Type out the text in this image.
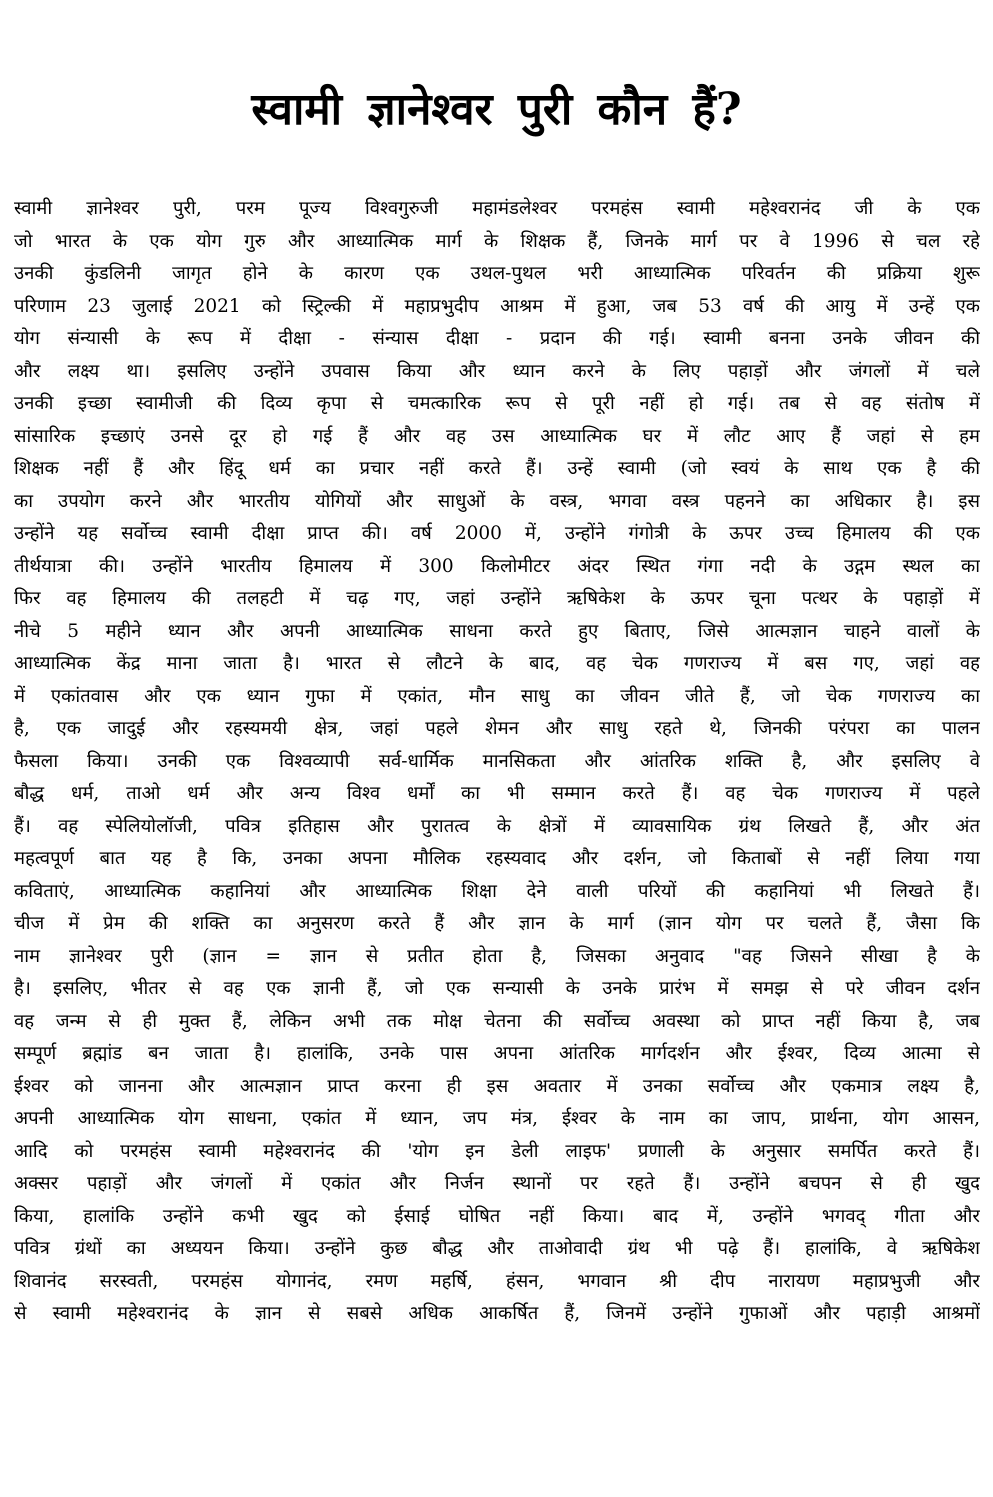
स्वामी ज्ञानेश्वर पुरी कौन हैं?
स्वामी ज्ञानेश्वर पुरी, परम पूज्य विश्वगुरुजी महामंडलेश्वर परमहंस स्वामी महेश्वरानंद जी के एक
जो भारत के एक योग गुरु और आध्यात्मिक मार्ग के शिक्षक हैं, जिनके मार्ग पर वे 1996 से चल रहे
उनकी कुंडलिनी जागृत होने के कारण एक उथल-पुथल भरी आध्यात्मिक परिवर्तन की प्रक्रिया शुरू
परिणाम 23 जुलाई 2021 को स्ट्रिल्की में महाप्रभुदीप आश्रम में हुआ, जब 53 वर्ष की आयु में उन्हें एक
योग संन्यासी के रूप में दीक्षा - संन्यास दीक्षा - प्रदान की गई। स्वामी बनना उनके जीवन की
और लक्ष्य था। इसलिए उन्होंने उपवास किया और ध्यान करने के लिए पहाड़ों और जंगलों में चले
उनकी इच्छा स्वामीजी की दिव्य कृपा से चमत्कारिक रूप से पूरी नहीं हो गई। तब से वह संतोष में
सांसारिक इच्छाएं उनसे दूर हो गई हैं और वह उस आध्यात्मिक घर में लौट आए हैं जहां से हम
शिक्षक नहीं हैं और हिंदू धर्म का प्रचार नहीं करते हैं। उन्हें स्वामी (जो स्वयं के साथ एक है की
का उपयोग करने और भारतीय योगियों और साधुओं के वस्त्र, भगवा वस्त्र पहनने का अधिकार है। इस
उन्होंने यह सर्वोच्च स्वामी दीक्षा प्राप्त की। वर्ष 2000 में, उन्होंने गंगोत्री के ऊपर उच्च हिमालय की एक
तीर्थयात्रा की। उन्होंने भारतीय हिमालय में 300 किलोमीटर अंदर स्थित गंगा नदी के उद्गम स्थल का
फिर वह हिमालय की तलहटी में चढ़ गए, जहां उन्होंने ऋषिकेश के ऊपर चूना पत्थर के पहाड़ों में
नीचे 5 महीने ध्यान और अपनी आध्यात्मिक साधना करते हुए बिताए, जिसे आत्मज्ञान चाहने वालों के
आध्यात्मिक केंद्र माना जाता है। भारत से लौटने के बाद, वह चेक गणराज्य में बस गए, जहां वह
में एकांतवास और एक ध्यान गुफा में एकांत, मौन साधु का जीवन जीते हैं, जो चेक गणराज्य का
है, एक जादुई और रहस्यमयी क्षेत्र, जहां पहले शेमन और साधु रहते थे, जिनकी परंपरा का पालन
फैसला किया। उनकी एक विश्वव्यापी सर्व-धार्मिक मानसिकता और आंतरिक शक्ति है, और इसलिए वे
बौद्ध धर्म, ताओ धर्म और अन्य विश्व धर्मों का भी सम्मान करते हैं। वह चेक गणराज्य में पहले
हैं। वह स्पेलियोलॉजी, पवित्र इतिहास और पुरातत्व के क्षेत्रों में व्यावसायिक ग्रंथ लिखते हैं, और अंत
महत्वपूर्ण बात यह है कि, उनका अपना मौलिक रहस्यवाद और दर्शन, जो किताबों से नहीं लिया गया
कविताएं, आध्यात्मिक कहानियां और आध्यात्मिक शिक्षा देने वाली परियों की कहानियां भी लिखते हैं।
चीज में प्रेम की शक्ति का अनुसरण करते हैं और ज्ञान के मार्ग (ज्ञान योग पर चलते हैं, जैसा कि
नाम ज्ञानेश्वर पुरी (ज्ञान = ज्ञान से प्रतीत होता है, जिसका अनुवाद "वह जिसने सीखा है के
है। इसलिए, भीतर से वह एक ज्ञानी हैं, जो एक सन्यासी के उनके प्रारंभ में समझ से परे जीवन दर्शन
वह जन्म से ही मुक्त हैं, लेकिन अभी तक मोक्ष चेतना की सर्वोच्च अवस्था को प्राप्त नहीं किया है, जब
सम्पूर्ण ब्रह्मांड बन जाता है। हालांकि, उनके पास अपना आंतरिक मार्गदर्शन और ईश्वर, दिव्य आत्मा से
ईश्वर को जानना और आत्मज्ञान प्राप्त करना ही इस अवतार में उनका सर्वोच्च और एकमात्र लक्ष्य है,
अपनी आध्यात्मिक योग साधना, एकांत में ध्यान, जप मंत्र, ईश्वर के नाम का जाप, प्रार्थना, योग आसन,
आदि को परमहंस स्वामी महेश्वरानंद की 'योग इन डेली लाइफ' प्रणाली के अनुसार समर्पित करते हैं।
अक्सर पहाड़ों और जंगलों में एकांत और निर्जन स्थानों पर रहते हैं। उन्होंने बचपन से ही खुद
किया, हालांकि उन्होंने कभी खुद को ईसाई घोषित नहीं किया। बाद में, उन्होंने भगवद् गीता और
पवित्र ग्रंथों का अध्ययन किया। उन्होंने कुछ बौद्ध और ताओवादी ग्रंथ भी पढ़े हैं। हालांकि, वे ऋषिकेश
शिवानंद सरस्वती, परमहंस योगानंद, रमण महर्षि, हंसन, भगवान श्री दीप नारायण महाप्रभुजी और
से स्वामी महेश्वरानंद के ज्ञान से सबसे अधिक आकर्षित हैं, जिनमें उन्होंने गुफाओं और पहाड़ी आश्रमों
